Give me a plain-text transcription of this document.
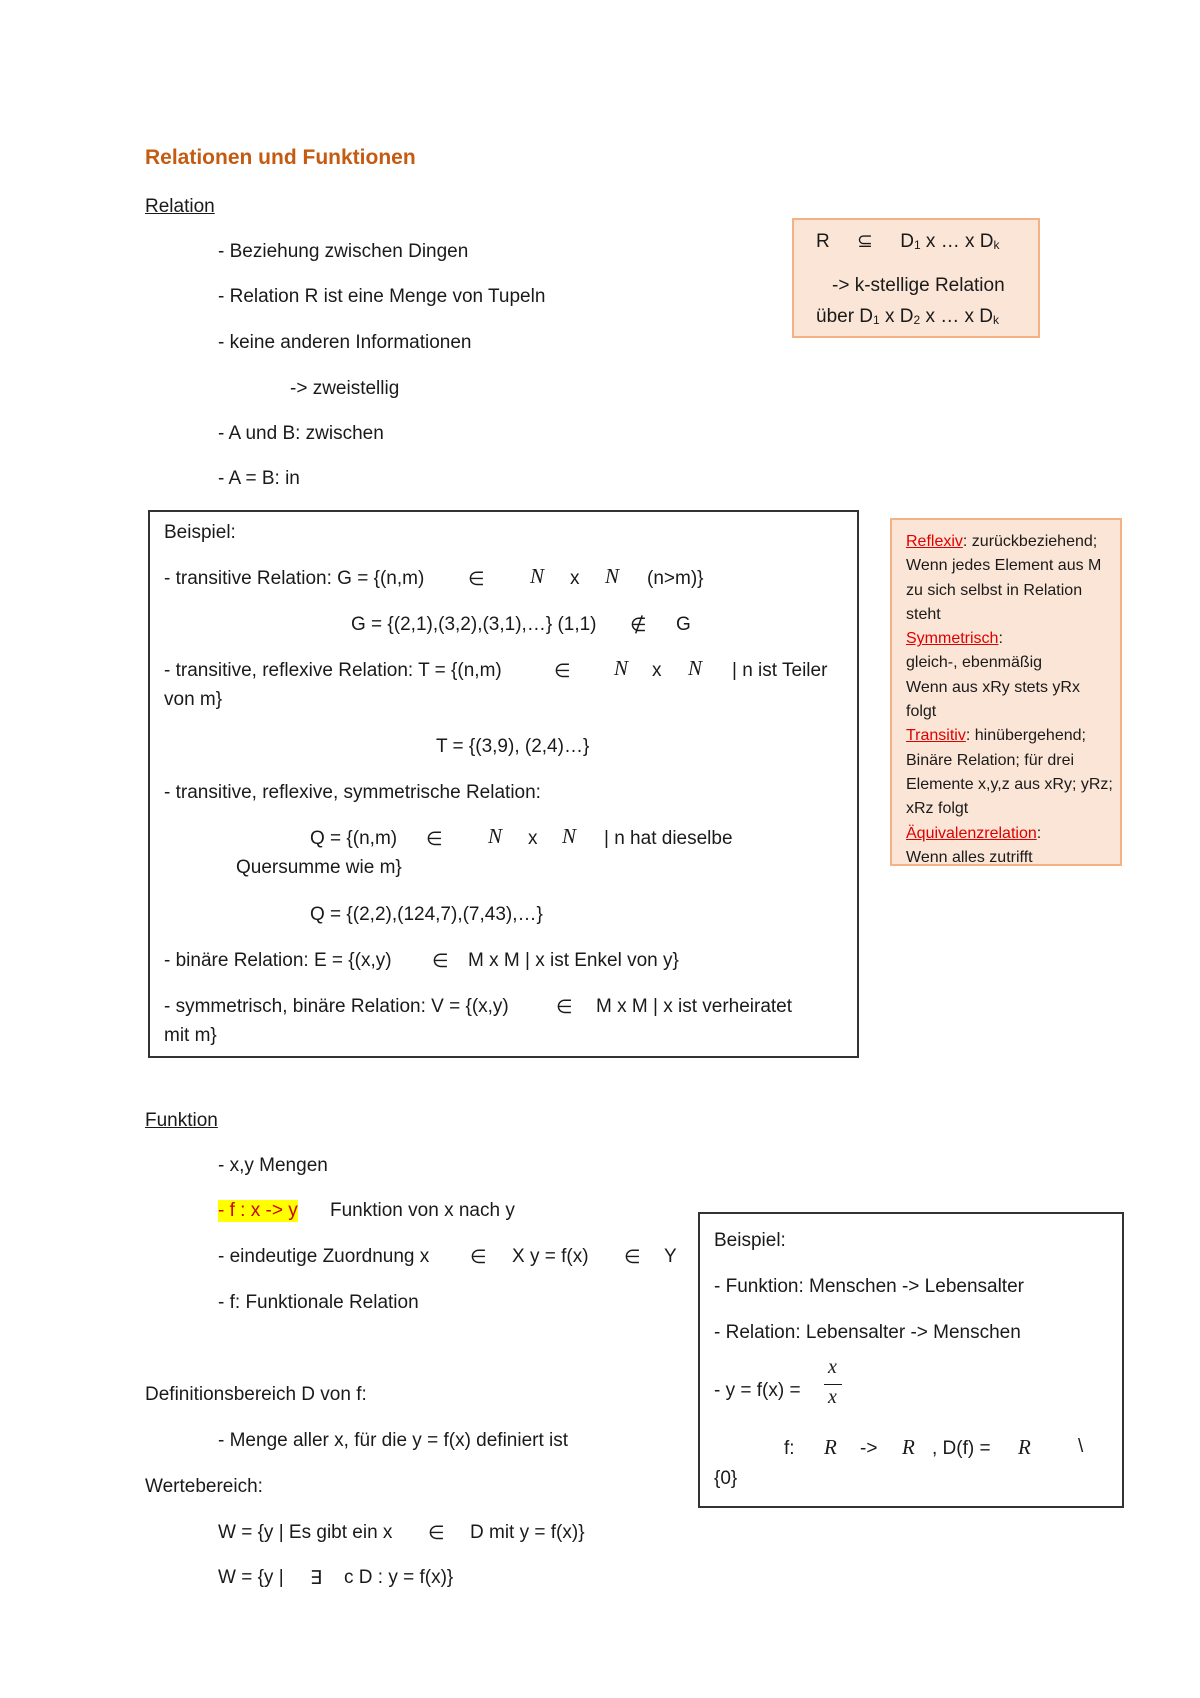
Relationen und Funktionen
Relation
- Beziehung zwischen Dingen
- Relation R ist eine Menge von Tupeln
- keine anderen Informationen
-> zweistellig
- A und B: zwischen
- A = B: in
R ⊆ $D_1$ x … x $D_k$
-> k-stellige Relation
über $D_1$ x $D_2$ x … x $D_k$
Reflexiv: zurückbeziehend;
Wenn jedes Element aus M
zu sich selbst in Relation
steht
Symmetrisch:
gleich-, ebenmäßig
Wenn aus xRy stets yRx
folgt
Transitiv: hinübergehend;
Binäre Relation; für drei
Elemente x,y,z aus xRy; yRz;
xRz folgt
Äquivalenzrelation:
Wenn alles zutrifft
Beispiel:
- transitive Relation: G = {(n,m) ∈ N x N (n>m)}
G = {(2,1),(3,2),(3,1),…} (1,1) ∉ G
- transitive, reflexive Relation: T = {(n,m)	∈ N x N | n ist Teiler
von m}
T = {(3,9), (2,4)…}
- transitive, reflexive, symmetrische Relation:
Q = {(n,m) ∈ N x N | n hat dieselbe
Quersumme wie m}
Q = {(2,2),(124,7),(7,43),…}
- binäre Relation: E = {(x,y) ∈ M x M | x ist Enkel von y}
- symmetrisch, binäre Relation: V = {(x,y) ∈ M x M | x ist verheiratet
mit m}
Funktion
- x,y Mengen
- f : x -> y Funktion von x nach y
- eindeutige Zuordnung x ∈ X y = f(x) ∈ Y
- f: Funktionale Relation
Definitionsbereich D von f:
- Menge aller x, für die y = f(x) definiert ist
Wertebereich:
W = {y | Es gibt ein x ∈ D mit y = f(x)}
W = {y | ∃ c D : y = f(x)}
Beispiel:
- Funktion: Menschen -> Lebensalter
- Relation: Lebensalter -> Menschen
- y = f(x) =
x
x
f: R -> R , D(f) = R \
{0}
